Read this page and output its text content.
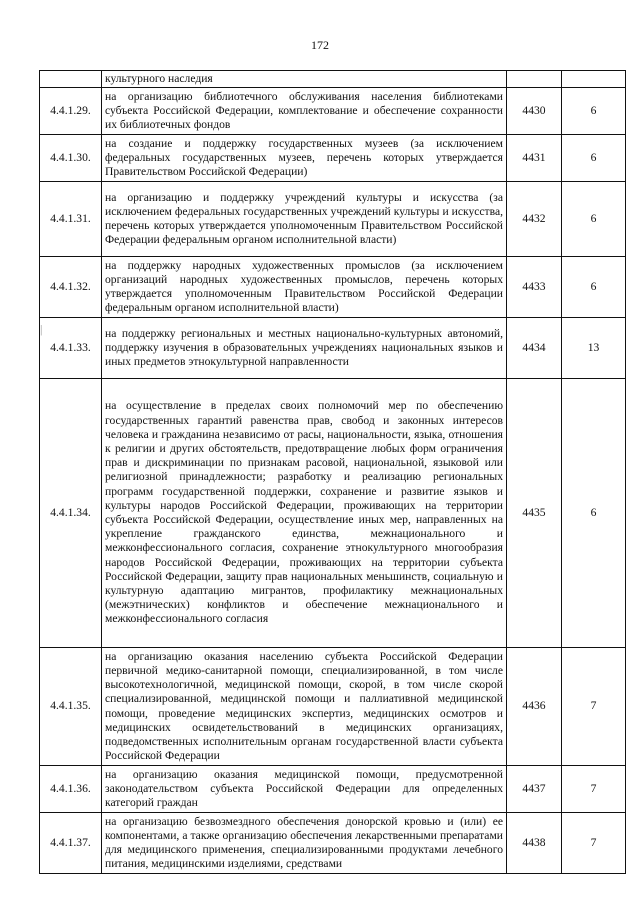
172
|
	культурного наследия		
4.4.1.29.	на организацию библиотечного обслуживания населения библиотеками субъекта Российской Федерации, комплектование и обеспечение сохранности их библиотечных фондов	4430	6
4.4.1.30.	на создание и поддержку государственных музеев (за исключением федеральных государственных музеев, перечень которых утверждается Правительством Российской Федерации)	4431	6
4.4.1.31.	на организацию и поддержку учреждений культуры и искусства (за исключением федеральных государственных учреждений культуры и искусства, перечень которых утверждается уполномоченным Правительством Российской Федерации федеральным органом исполнительной власти)	4432	6
4.4.1.32.	на поддержку народных художественных промыслов (за исключением организаций народных художественных промыслов, перечень которых утверждается уполномоченным Правительством Российской Федерации федеральным органом исполнительной власти)	4433	6
4.4.1.33.	на поддержку региональных и местных национально-культурных автономий, поддержку изучения в образовательных учреждениях национальных языков и иных предметов этнокультурной направленности	4434	13
4.4.1.34.	на осуществление в пределах своих полномочий мер по обеспечению государственных гарантий равенства прав, свобод и законных интересов человека и гражданина независимо от расы, национальности, языка, отношения к религии и других обстоятельств, предотвращение любых форм ограничения прав и дискриминации по признакам расовой, национальной, языковой или религиозной принадлежности; разработку и реализацию региональных программ государственной поддержки, сохранение и развитие языков и культуры народов Российской Федерации, проживающих на территории субъекта Российской Федерации, осуществление иных мер, направленных на укрепление гражданского единства, межнационального и межконфессионального согласия, сохранение этнокультурного многообразия народов Российской Федерации, проживающих на территории субъекта Российской Федерации, защиту прав национальных меньшинств, социальную и культурную адаптацию мигрантов, профилактику межнациональных (межэтнических) конфликтов и обеспечение межнационального и межконфессионального согласия	4435	6
4.4.1.35.	на организацию оказания населению субъекта Российской Федерации первичной медико-санитарной помощи, специализированной, в том числе высокотехнологичной, медицинской помощи, скорой, в том числе скорой специализированной, медицинской помощи и паллиативной медицинской помощи, проведение медицинских экспертиз, медицинских осмотров и медицинских освидетельствований в медицинских организациях, подведомственных исполнительным органам государственной власти субъекта Российской Федерации	4436	7
4.4.1.36.	на организацию оказания медицинской помощи, предусмотренной законодательством субъекта Российской Федерации для определенных категорий граждан	4437	7
4.4.1.37.	на организацию безвозмездного обеспечения донорской кровью и (или) ее компонентами, а также организацию обеспечения лекарственными препаратами для медицинского применения, специализированными продуктами лечебного питания, медицинскими изделиями, средствами	4438	7
